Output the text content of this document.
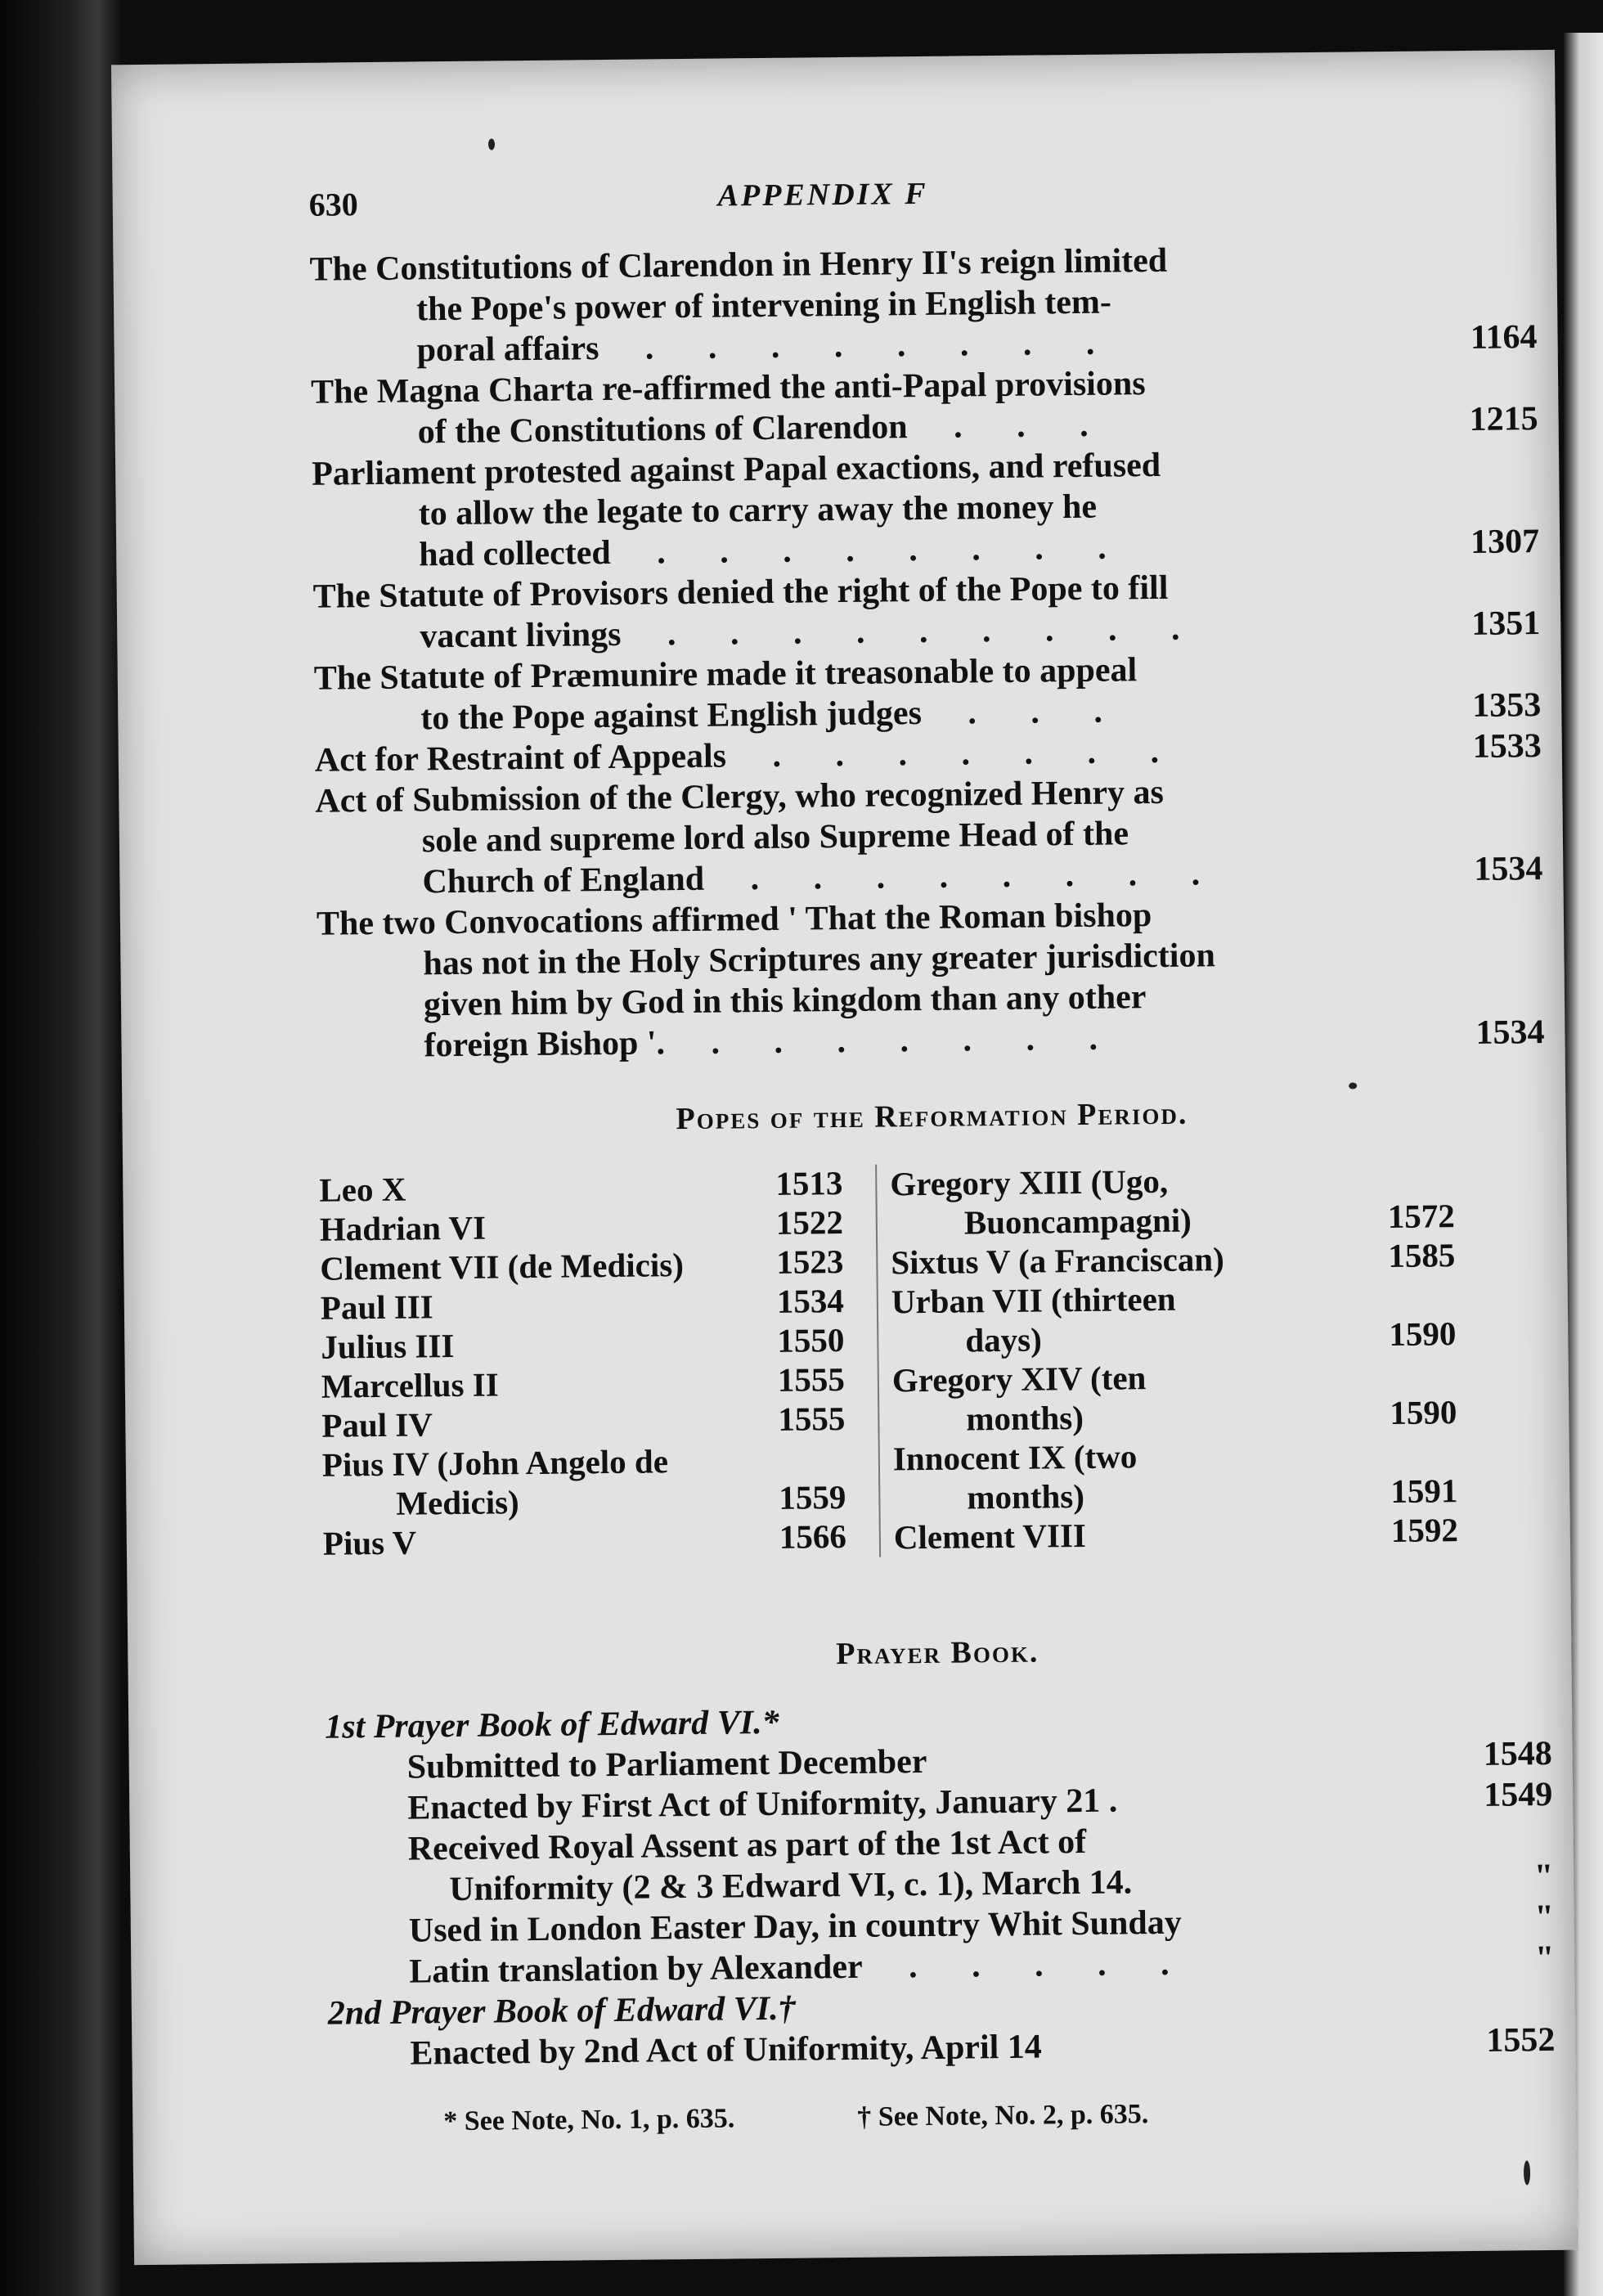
630	APPENDIX F
The Constitutions of Clarendon in Henry II's reign limited
the Pope's power of intervening in English tem-
poral affairs . . . . . . . .	1164
The Magna Charta re-affirmed the anti-Papal provisions
of the Constitutions of Clarendon . . .	1215
Parliament protested against Papal exactions, and refused
to allow the legate to carry away the money he
had collected . . . . . . . .	1307
The Statute of Provisors denied the right of the Pope to fill
vacant livings . . . . . . . . .	1351
The Statute of Præmunire made it treasonable to appeal
to the Pope against English judges . . .	1353
Act for Restraint of Appeals . . . . . . .	1533
Act of Submission of the Clergy, who recognized Henry as
sole and supreme lord also Supreme Head of the
Church of England . . . . . . . .	1534
The two Convocations affirmed ' That the Roman bishop
has not in the Holy Scriptures any greater jurisdiction
given him by God in this kingdom than any other
foreign Bishop '. . . . . . . .	1534
Popes of the Reformation Period.
Leo X	1513
Hadrian VI	1522
Clement VII (de Medicis)	1523
Paul III	1534
Julius III	1550
Marcellus II	1555
Paul IV	1555
Pius IV (John Angelo de
Medicis)	1559
Pius V	1566
Gregory XIII (Ugo,
Buoncampagni)	1572
Sixtus V (a Franciscan)	1585
Urban VII (thirteen
days)	1590
Gregory XIV (ten
months)	1590
Innocent IX (two
months)	1591
Clement VIII	1592
Prayer Book.
1st Prayer Book of Edward VI.*
Submitted to Parliament December	1548
Enacted by First Act of Uniformity, January 21 .	1549
Received Royal Assent as part of the 1st Act of
Uniformity (2 & 3 Edward VI, c. 1), March 14.	"
Used in London Easter Day, in country Whit Sunday	"
Latin translation by Alexander . . . . .	"
2nd Prayer Book of Edward VI.†
Enacted by 2nd Act of Uniformity, April 14	1552
* See Note, No. 1, p. 635.	† See Note, No. 2, p. 635.
